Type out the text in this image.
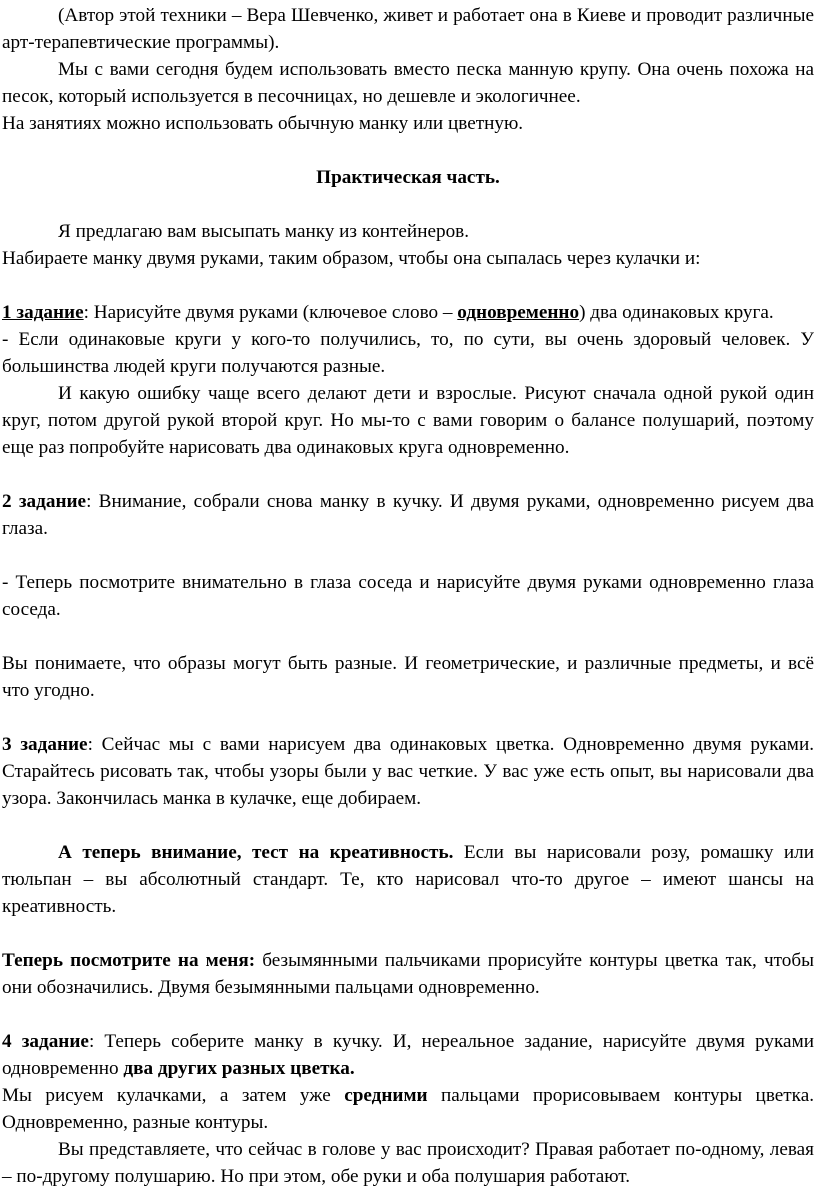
(Автор этой техники – Вера Шевченко, живет и работает она в Киеве и проводит различные арт-терапевтические программы).

Мы с вами сегодня будем использовать вместо песка манную крупу. Она очень похожа на песок, который используется в песочницах, но дешевле и экологичнее.

На занятиях можно использовать обычную манку или цветную.

Практическая часть.

Я предлагаю вам высыпать манку из контейнеров.

Набираете манку двумя руками, таким образом, чтобы она сыпалась через кулачки и:

1 задание: Нарисуйте двумя руками (ключевое слово – одновременно) два одинаковых круга.

- Если одинаковые круги у кого-то получились, то, по сути, вы очень здоровый человек. У большинства людей круги получаются разные.

И какую ошибку чаще всего делают дети и взрослые. Рисуют сначала одной рукой один круг, потом другой рукой второй круг. Но мы-то с вами говорим о балансе полушарий, поэтому еще раз попробуйте нарисовать два одинаковых круга одновременно.

2 задание: Внимание, собрали снова манку в кучку. И двумя руками, одновременно рисуем два глаза.

- Теперь посмотрите внимательно в глаза соседа и нарисуйте двумя руками одновременно глаза соседа.

Вы понимаете, что образы могут быть разные. И геометрические, и различные предметы, и всё что угодно.

3 задание: Сейчас мы с вами нарисуем два одинаковых цветка. Одновременно двумя руками. Старайтесь рисовать так, чтобы узоры были у вас четкие. У вас уже есть опыт, вы нарисовали два узора. Закончилась манка в кулачке, еще добираем.

А теперь внимание, тест на креативность. Если вы нарисовали розу, ромашку или тюльпан – вы абсолютный стандарт. Те, кто нарисовал что-то другое – имеют шансы на креативность.

Теперь посмотрите на меня: безымянными пальчиками прорисуйте контуры цветка так, чтобы они обозначились. Двумя безымянными пальцами одновременно.

4 задание: Теперь соберите манку в кучку. И, нереальное задание, нарисуйте двумя руками одновременно два других разных цветка.

Мы рисуем кулачками, а затем уже средними пальцами прорисовываем контуры цветка. Одновременно, разные контуры.

Вы представляете, что сейчас в голове у вас происходит? Правая работает по-одному, левая – по-другому полушарию. Но при этом, обе руки и оба полушария работают.
